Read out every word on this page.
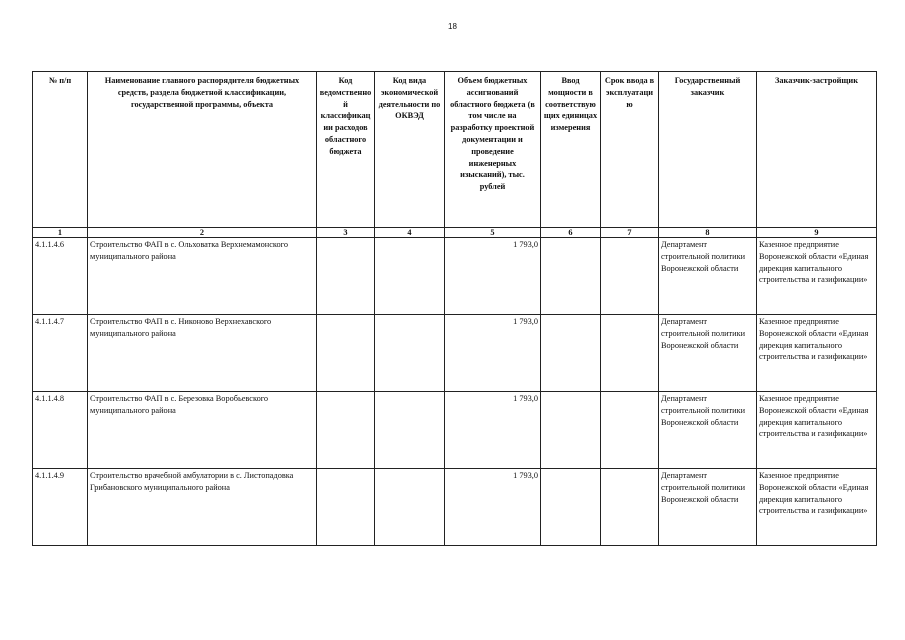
18
№ п/п	Наименование главного распорядителя бюджетных средств, раздела бюджетной классификации, государственной программы, объекта	Код ведомственной классификации расходов областного бюджета	Код вида экономической деятельности по ОКВЭД	Объем бюджетных ассигнований областного бюджета (в том числе на разработку проектной документации и проведение инженерных изысканий), тыс. рублей	Ввод мощности в соответствующих единицах измерения	Срок ввода в эксплуатацию	Государственный заказчик	Заказчик-застройщик
1	2	3	4	5	6	7	8	9
4.1.1.4.6	Строительство ФАП в с. Ольховатка Верхнемамонского муниципального района			1 793,0			Департамент строительной политики Воронежской области	Казенное предприятие Воронежской области «Единая дирекция капитального строительства и газификации»
4.1.1.4.7	Строительство ФАП в с. Никоново Верхнехавского муниципального района			1 793,0			Департамент строительной политики Воронежской области	Казенное предприятие Воронежской области «Единая дирекция капитального строительства и газификации»
4.1.1.4.8	Строительство ФАП в с. Березовка Воробьевского муниципального района			1 793,0			Департамент строительной политики Воронежской области	Казенное предприятие Воронежской области «Единая дирекция капитального строительства и газификации»
4.1.1.4.9	Строительство врачебной амбулатории в с. Листопадовка Грибановского муниципального района			1 793,0			Департамент строительной политики Воронежской области	Казенное предприятие Воронежской области «Единая дирекция капитального строительства и газификации»
